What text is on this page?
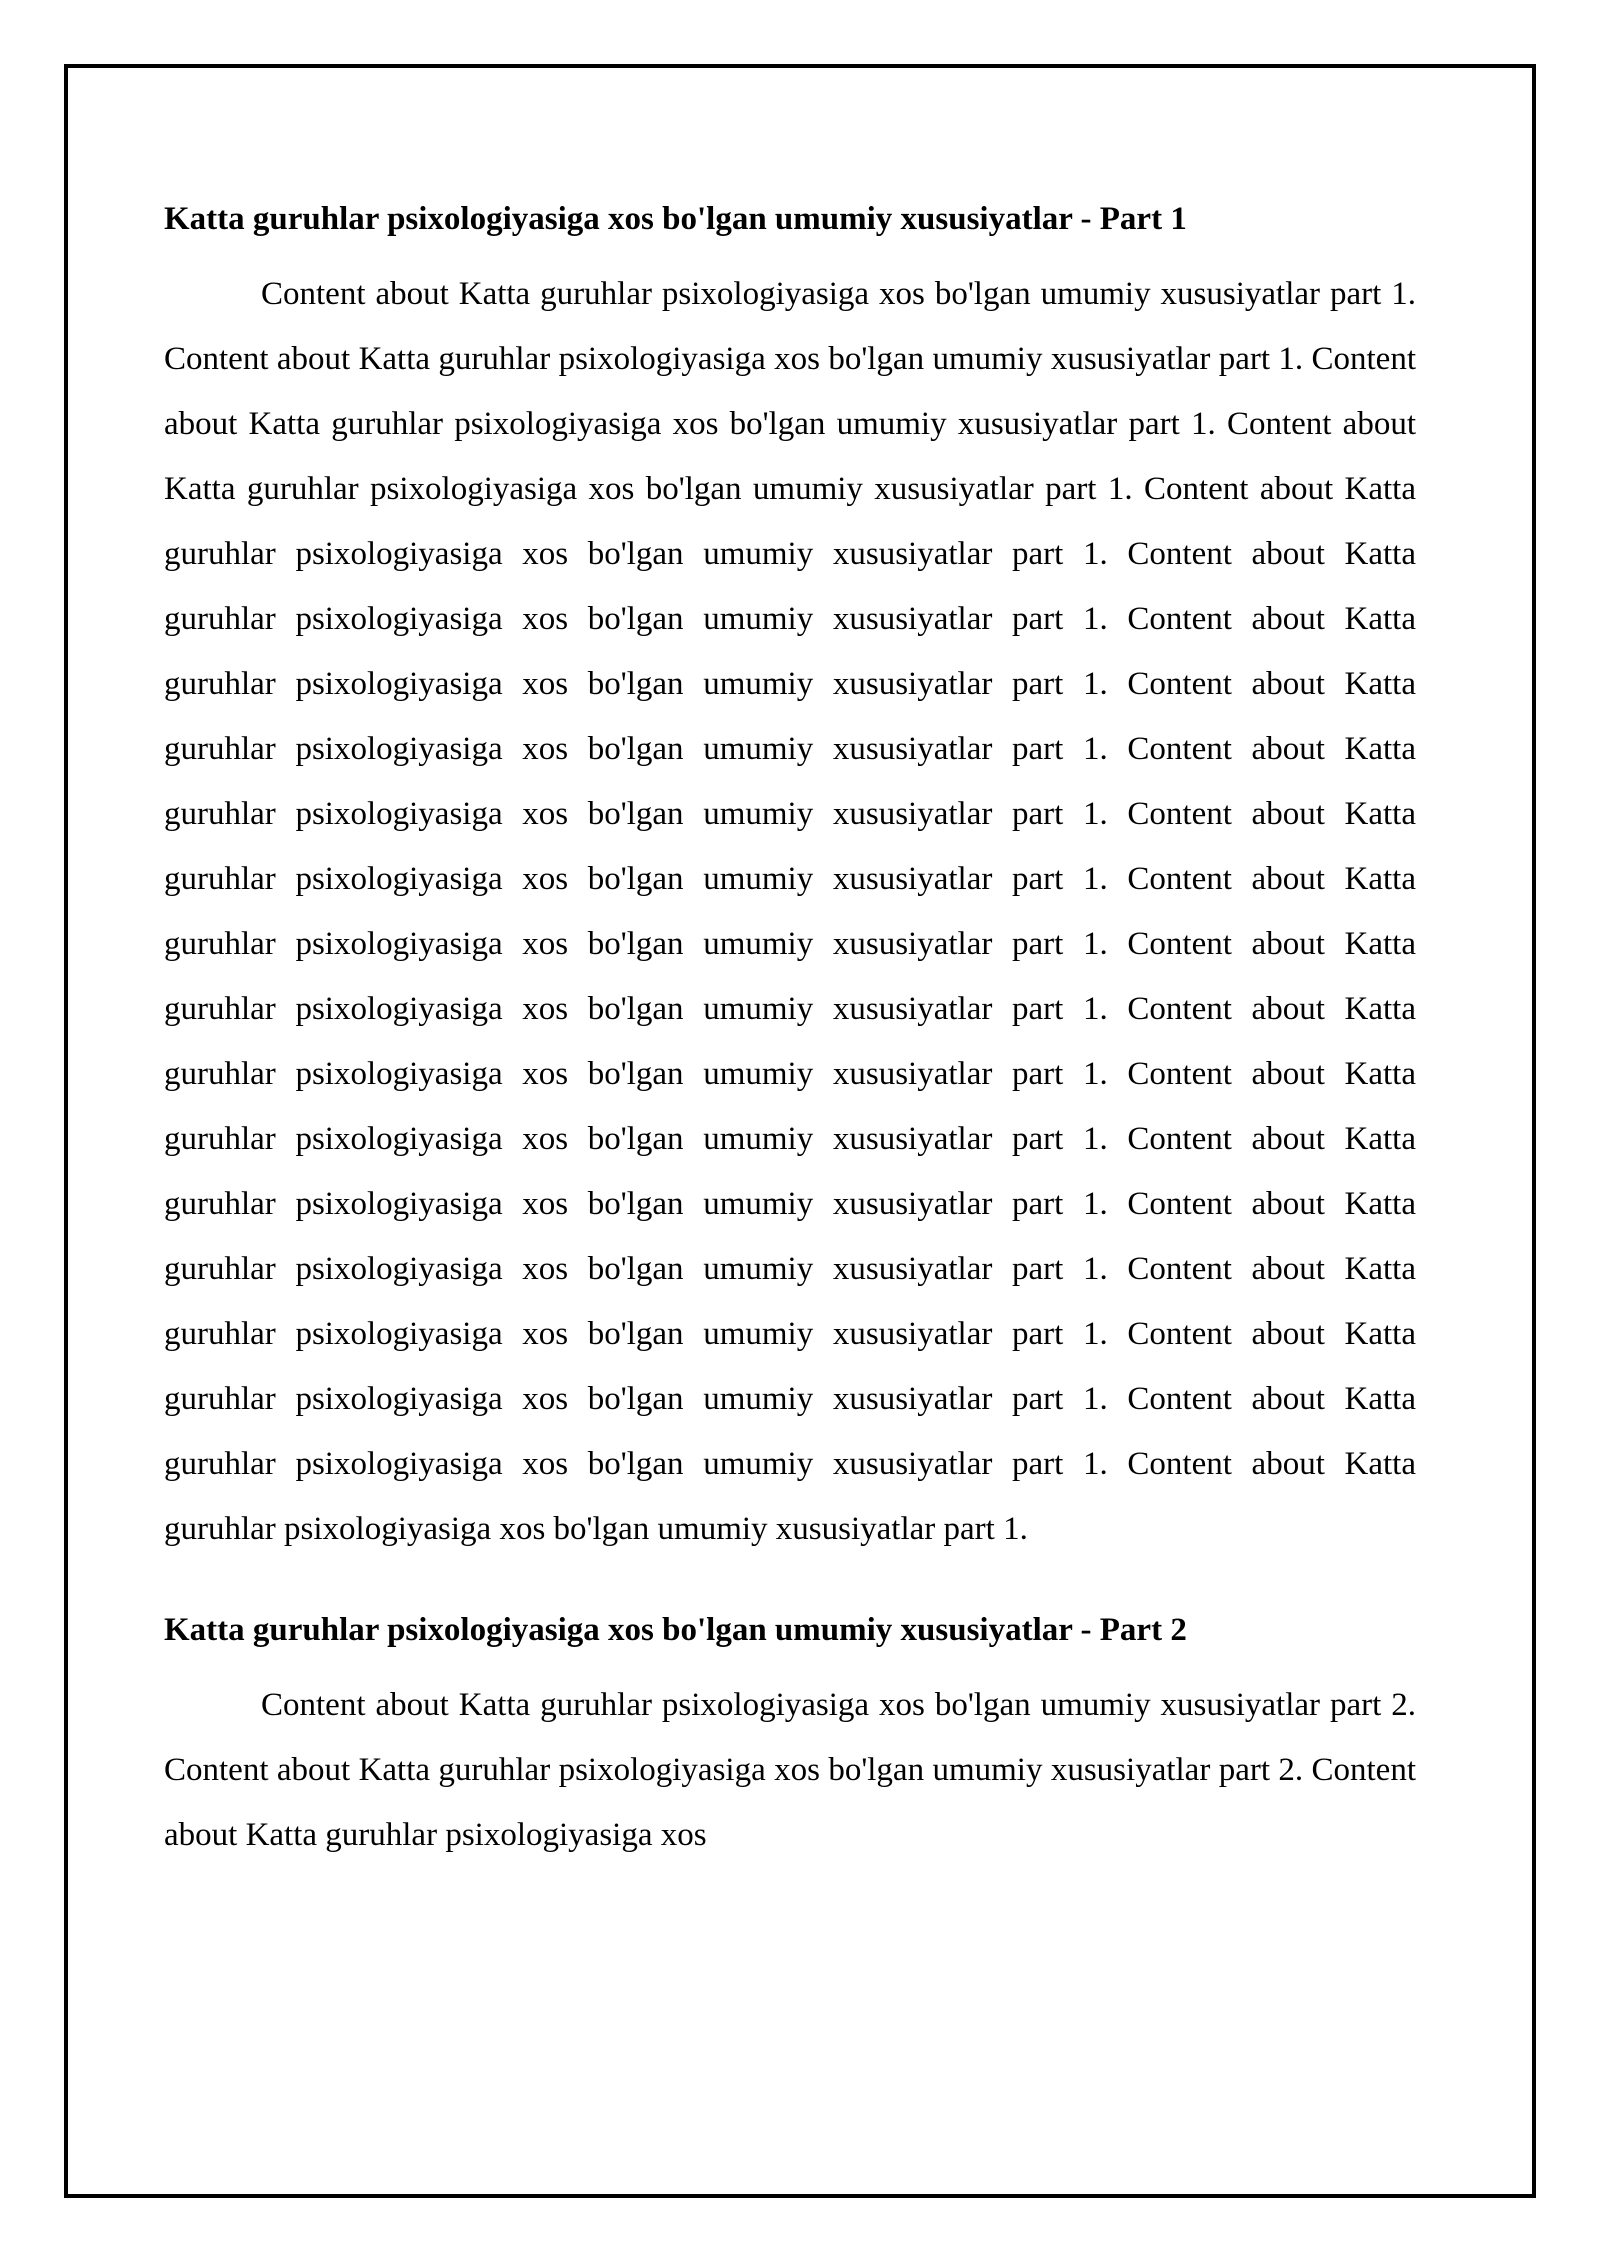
Katta guruhlar psixologiyasiga xos bo'lgan umumiy xususiyatlar - Part 1

Content about Katta guruhlar psixologiyasiga xos bo'lgan umumiy xususiyatlar part 1. Content about Katta guruhlar psixologiyasiga xos bo'lgan umumiy xususiyatlar part 1. Content about Katta guruhlar psixologiyasiga xos bo'lgan umumiy xususiyatlar part 1. Content about Katta guruhlar psixologiyasiga xos bo'lgan umumiy xususiyatlar part 1. Content about Katta guruhlar psixologiyasiga xos bo'lgan umumiy xususiyatlar part 1. Content about Katta guruhlar psixologiyasiga xos bo'lgan umumiy xususiyatlar part 1. Content about Katta guruhlar psixologiyasiga xos bo'lgan umumiy xususiyatlar part 1. Content about Katta guruhlar psixologiyasiga xos bo'lgan umumiy xususiyatlar part 1. Content about Katta guruhlar psixologiyasiga xos bo'lgan umumiy xususiyatlar part 1. Content about Katta guruhlar psixologiyasiga xos bo'lgan umumiy xususiyatlar part 1. Content about Katta guruhlar psixologiyasiga xos bo'lgan umumiy xususiyatlar part 1. Content about Katta guruhlar psixologiyasiga xos bo'lgan umumiy xususiyatlar part 1. Content about Katta guruhlar psixologiyasiga xos bo'lgan umumiy xususiyatlar part 1. Content about Katta guruhlar psixologiyasiga xos bo'lgan umumiy xususiyatlar part 1. Content about Katta guruhlar psixologiyasiga xos bo'lgan umumiy xususiyatlar part 1. Content about Katta guruhlar psixologiyasiga xos bo'lgan umumiy xususiyatlar part 1. Content about Katta guruhlar psixologiyasiga xos bo'lgan umumiy xususiyatlar part 1. Content about Katta guruhlar psixologiyasiga xos bo'lgan umumiy xususiyatlar part 1. Content about Katta guruhlar psixologiyasiga xos bo'lgan umumiy xususiyatlar part 1. Content about Katta guruhlar psixologiyasiga xos bo'lgan umumiy xususiyatlar part 1.

Katta guruhlar psixologiyasiga xos bo'lgan umumiy xususiyatlar - Part 2

Content about Katta guruhlar psixologiyasiga xos bo'lgan umumiy xususiyatlar part 2. Content about Katta guruhlar psixologiyasiga xos bo'lgan umumiy xususiyatlar part 2. Content about Katta guruhlar psixologiyasiga xos
